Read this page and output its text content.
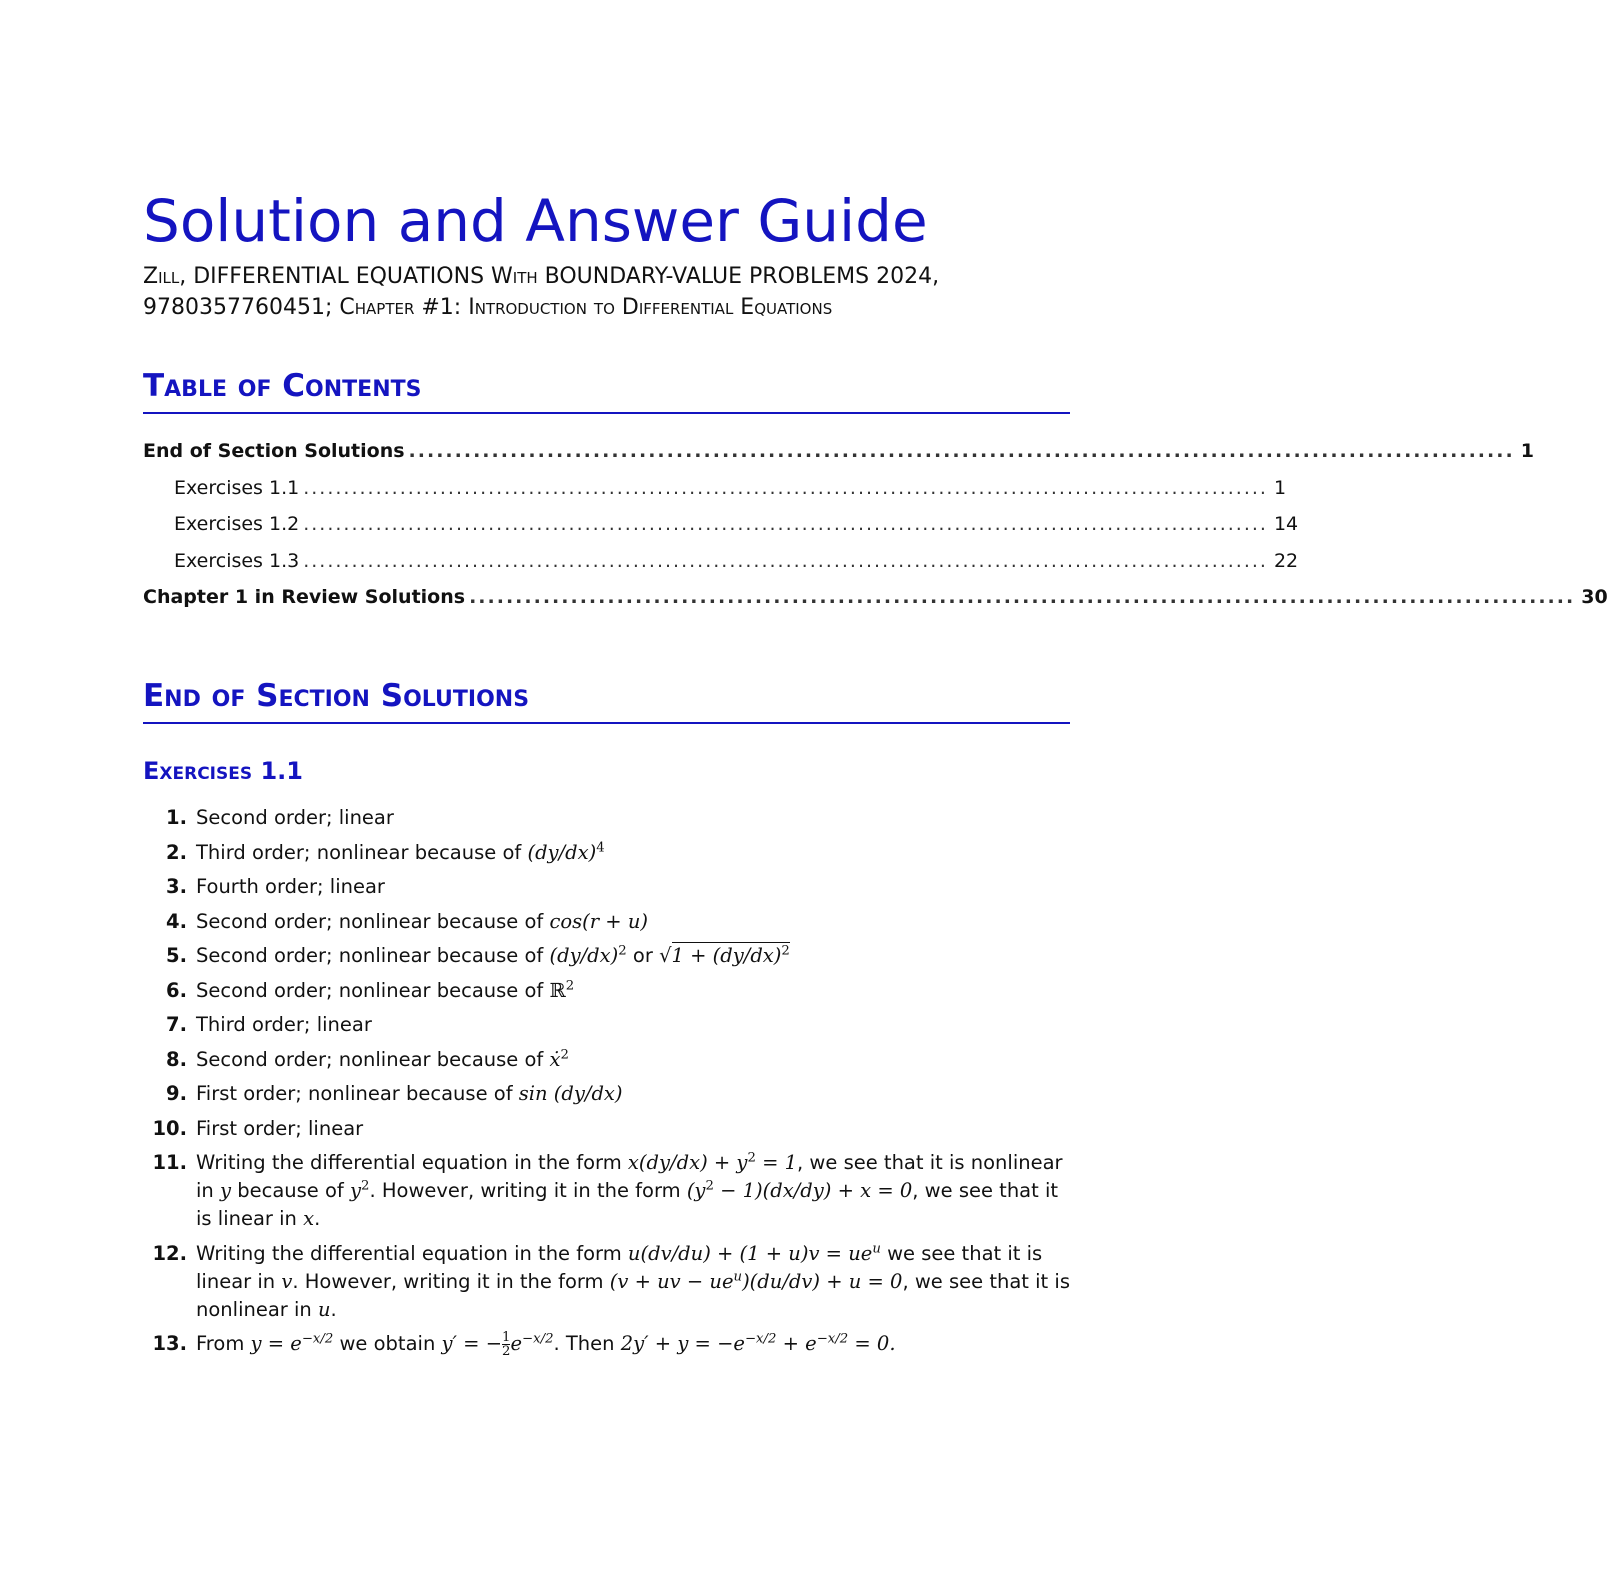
Solution and Answer Guide
Zill, DIFFERENTIAL EQUATIONS With BOUNDARY-VALUE PROBLEMS 2024,
9780357760451; Chapter #1: Introduction to Differential Equations
Table of Contents
End of Section Solutions ........................................................................................................................ 1
Exercises 1.1 ........................................................................................................................ 1
Exercises 1.2 ........................................................................................................................ 14
Exercises 1.3 ........................................................................................................................ 22
Chapter 1 in Review Solutions ........................................................................................................................ 30
End of Section Solutions
Exercises 1.1
1. Second order; linear
2. Third order; nonlinear because of $(dy/dx)^4$
3. Fourth order; linear
4. Second order; nonlinear because of cos(r + u)
5. Second order; nonlinear because of $(dy/dx)^2$ or $√1 + (dy/dx)^2$
6. Second order; nonlinear because of ℝ$^2$
7. Third order; linear
8. Second order; nonlinear because of ẋ$^2$
9. First order; nonlinear because of sin (dy/dx)
10. First order; linear
11. Writing the differential equation in the form $x(dy/dx) + y^2 = 1$, we see that it is nonlinear in y because of $y^2$. However, writing it in the form $(y^2 - 1)(dx/dy) + x = 0$, we see that it is linear in x.
12. Writing the differential equation in the form $u(dv/du) + (1 + u)v = ue^u$ we see that it is linear in v. However, writing it in the form (v + uv − $ue^u)(du/dv) + u = 0$, we see that it is nonlinear in u.
13. From $y = e^{-x/2}$ we obtain y′ = − $\frac{1}{2} e^{-x/2}$. Then $2y' + y = -e^{-x/2} + e^{-x/2} = 0$.
